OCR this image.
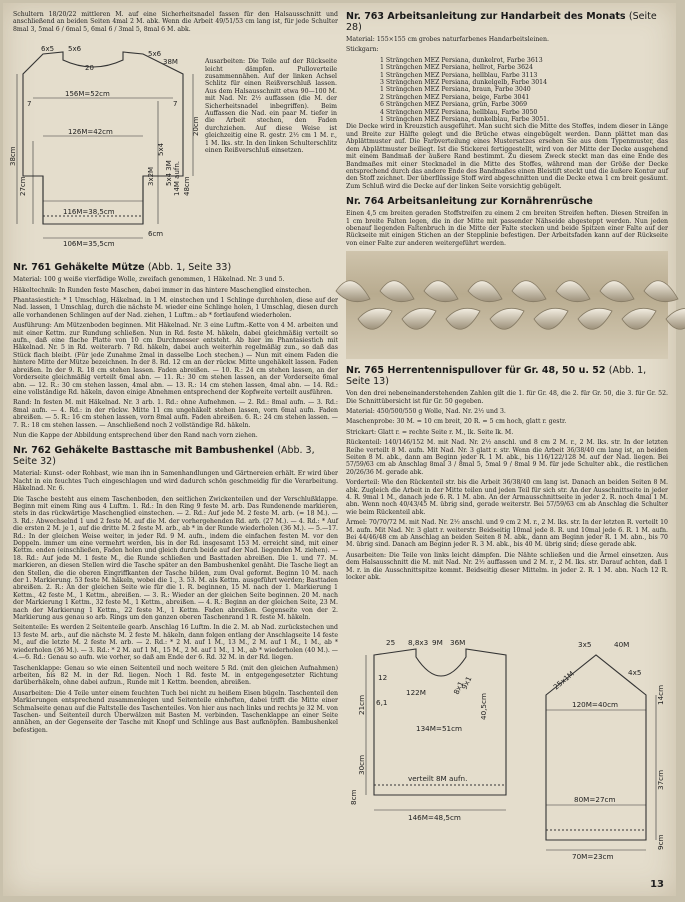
Schultern 18/20/22 mittleren M. auf eine Sicherheitsnadel fassen für den Halsausschnitt und anschließend an beiden Seiten 4mal 2 M. abk. Wenn die Arbeit 49/51/53 cm lang ist, für jede Schulter 8mal 3, 5mal 6 / 6mal 5, 6mal 6 / 3mal 5, 8mal 6 M. abk.

6x5 5x6
20
156M=52cm
126M=42cm
27cm
38cm
116M=38,5cm
106M=35,5cm
6cm
7	7
5x6
38M
5x4
3x2M 5x4 3M 14M aufn. 48cm
20cm

Ausarbeiten: Die Teile auf der Rückseite leicht dämpfen. Pulloverteile zusammennähen. Auf der linken Achsel Schlitz für einen Reißverschluß lassen. Aus dem Halsausschnitt etwa 90—100 M. mit Nad. Nr. 2½ auffassen (die M. der Sicherheitsnadel inbegriffen). Beim Auffassen die Nad. ein paar M. tiefer in die Arbeit stechen, den Faden durchziehen. Auf diese Weise ist gleichzeitig eine R. gestr. 2½ cm 1 M. r., 1 M. lks. str. In den linken Schulterschlitz einen Reißverschluß einsetzen.

Nr. 761 Gehäkelte Mütze (Abb. 1, Seite 33)

Material: 100 g weiße vierfädige Wolle, zweifach genommen, 1 Häkelnad. Nr. 3 und 5.

Häkeltechnik: In Runden feste Maschen, dabei immer in das hintere Maschenglied einstechen.

Phantasiestich: * 1 Umschlag, Häkelnad. in 1 M. einstechen und 1 Schlinge durchholen, diese auf der Nad. lassen, 1 Umschlag, durch die nächste M. wieder eine Schlinge holen, 1 Umschlag, diesen durch alle vorhandenen Schlingen auf der Nad. ziehen, 1 Luftm.: ab * fortlaufend wiederholen.

Ausführung: Am Mützenboden beginnen. Mit Häkelnad. Nr. 3 eine Luftm.-Kette von 4 M. arbeiten und mit einer Kettm. zur Rundung schließen. Nun in Rd. feste M. häkeln, dabei gleichmäßig verteilt so aufn., daß eine flache Platte von 10 cm Durchmesser entsteht. Ab hier im Phantasiestich mit Häkelnad. Nr. 5 in Rd. weiterarb. 7 Rd. häkeln, dabei auch weiterhin regelmäßig zun., so daß das Stück flach bleibt. (Für jede Zunahme 2mal in dasselbe Loch stechen.) — Nun mit einem Faden die hintere Mitte der Mütze bezeichnen. In der 8. Rd. 12 cm an der rückw. Mitte ungehäkelt lassen. Faden abreißen. In der 9. R. 18 cm stehen lassen. Faden abreißen. — 10. R.: 24 cm stehen lassen, an der Vorderseite gleichmäßig verteilt 6mal abn. — 11. R.: 30 cm stehen lassen, an der Vorderseite 6mal abn. — 12. R.: 30 cm stehen lassen, 4mal abn. — 13. R.: 14 cm stehen lassen, 4mal abn. — 14. Rd.: eine vollständige Rd. häkeln, davon einige Abnehmen entsprechend der Kopfweite verteilt ausführen.

Rand: In festen M. mit Häkelnad. Nr. 3 arb. 1. Rd.: ohne Aufnehmen. — 2. Rd.: 8mal aufn. — 3. Rd.: 8mal aufn. — 4. Rd.: in der rückw. Mitte 11 cm ungehäkelt stehen lassen, vorn 6mal aufn. Faden abreißen. — 5. R.: 16 cm stehen lassen, vorn 8mal aufn. Faden abreißen. 6. R.: 24 cm stehen lassen. — 7. R.: 18 cm stehen lassen. — Anschließend noch 2 vollständige Rd. häkeln.

Nun die Kappe der Abbildung entsprechend über den Rand nach vorn ziehen.

Nr. 762 Gehäkelte Basttasche mit Bambushenkel (Abb. 3, Seite 32)

Material: Kunst- oder Rohbast, wie man ihn in Samenhandlungen und Gärtnereien erhält. Er wird über Nacht in ein feuchtes Tuch eingeschlagen und wird dadurch schön geschmeidig für die Verarbeitung. Häkelnad. Nr. 6.

Die Tasche besteht aus einem Taschenboden, den seitlichen Zwickenteilen und der Verschlußklappe. Beginn mit einem Ring aus 4 Luftm. 1. Rd.: In den Ring 9 feste M. arb. Das Rundenende markieren, stets in das rückwärtige Maschenglied einstechen. — 2. Rd.: Auf jede M. 2 feste M. arb. (= 18 M.). — 3. Rd.: Abwechselnd 1 und 2 feste M. auf die M. der vorhergehenden Rd. arb. (27 M.). — 4. Rd.: * Auf die ersten 2 M. je 1, auf die dritte M. 2 feste M. arb., ab * in der Runde wiederholen (36 M.). — 5.—17. Rd.: In der gleichen Weise weiter, in jeder Rd. 9 M. aufn., indem die einfachen festen M. vor den Doppeln. immer um eine vermehrt werden, bis in der Rd. insgesamt 153 M. erreicht sind, mit einer Kettm. enden (einschließen, Faden holen und gleich durch beide auf der Nad. liegenden M. ziehen). — 18. Rd.: Auf jede M. 1 feste M., die Runde schließen und Basttaden abreißen. Die 1. und 77. M. markieren, an diesen Stellen wird die Tasche später an den Bambushenkel genäht. Die Tasche liegt an den Stellen, die die oberen Eingriffkanten der Tasche bilden, zum Oval geformt. Beginn 10 M. nach der 1. Markierung. 53 feste M. häkeln, wobei die 1., 3. 53. M. als Kettm. ausgeführt werden; Basttaden abreißen. 2. R.: An der gleichen Seite wie für die 1. R. beginnen, 15 M. nach der 1. Markierung 1 Kettm., 42 feste M., 1 Kettm., abreißen. — 3. R.: Wieder an der gleichen Seite beginnen. 20 M. nach der Markierung 1 Kettm., 32 feste M., 1 Kettm., abreißen. — 4. R.: Beginn an der gleichen Seite, 23 M. nach der Markierung 1 Kettm., 22 feste M., 1 Kettm. Faden abreißen. Gegenseite von der 2. Markierung aus genau so arb. Rings um den ganzen oberen Taschenrand 1 R. feste M. häkeln.

Seitenteile: Es werden 2 Seitenteile gearb. Anschlag 16 Luftm. In die 2. M. ab Nad. zurückstechen und 13 feste M. arb., auf die nächste M. 2 feste M. häkeln, dann folgen entlang der Anschlagseite 14 feste M., auf die letzte M. 2 feste M. arb. — 2. Rd.: * 2 M. auf 1 M., 13 M., 2 M. auf 1 M., 1 M., ab * wiederholen (36 M.). — 3. Rd.: * 2 M. auf 1 M., 15 M., 2 M. auf 1 M., 1 M., ab * wiederholen (40 M.). — 4.—6. Rd.: Genau so aufn. wie vorher, so daß am Ende der 6. Rd. 32 M. in der Rd. liegen.

Taschenklappe: Genau so wie einen Seitenteil und noch weitere 5 Rd. (mit den gleichen Aufnahmen) arbeiten, bis 82 M. in der Rd. liegen. Noch 1 Rd. feste M. in entgegengesetzter Richtung darüberhäkeln, ohne dabei aufzun., Runde mit 1 Kettm. beenden, abreißen.

Ausarbeiten: Die 4 Teile unter einem feuchten Tuch bei nicht zu heißem Eisen bügeln. Taschenteil den Markierungen entsprechend zusammenlegen und Seitenteile einheften, dabei trifft die Mitte einer Schmalseite genau auf die Faltstelle des Taschenteiles. Von hier aus nach links und rechts je 32 M. von Taschen- und Seitenteil durch Überwälzen mit Basten M. verbinden. Taschenklappe an einer Seite annähen, an der Gegenseite der Tasche mit Knopf und Schlinge aus Bast aufknöpfen. Bambushenkel befestigen.

Nr. 763 Arbeitsanleitung zur Handarbeit des Monats (Seite 28)

Material: 155×155 cm grobes naturfarbenes Handarbeitsleinen.

Stickgarn:

1 Strängchen MEZ Persiana, dunkelrot, Farbe 3613
1 Strängchen MEZ Persiana, hellrot, Farbe 3624
1 Strängchen MEZ Persiana, hellblau, Farbe 3113
3 Strängchen MEZ Persiana, dunkelgelb, Farbe 3014
1 Strängchen MEZ Persiana, braun, Farbe 3040
2 Strängchen MEZ Persiana, beige, Farbe 3041
6 Strängchen MEZ Persiana, grün, Farbe 3069
4 Strängchen MEZ Persiana, hellblau, Farbe 3050
1 Strängchen MEZ Persiana, dunkelblau, Farbe 3051.

Die Decke wird in Kreuzstich ausgeführt. Man sucht sich die Mitte des Stoffes, indem dieser in Länge und Breite zur Hälfte gelegt und die Brüche etwas eingebügelt werden. Dann plättet man das Abplättmuster auf. Die Farbverteilung eines Mustersatzes ersehen Sie aus dem Typenmuster, das dem Abplättmuster beiliegt. Ist die Stickerei fertiggestellt, wird von der Mitte der Decke ausgehend mit einem Bandmaß der äußere Rand bestimmt. Zu diesem Zweck steckt man das eine Ende des Bandmaßes mit einer Stecknadel in die Mitte des Stoffes, während man der Größe der Decke entsprechend durch das andere Ende des Bandmaßes einen Bleistift steckt und die äußere Kontur auf den Stoff zeichnet. Der überflüssige Stoff wird abgeschnitten und die Decke etwa 1 cm breit gesäumt. Zum Schluß wird die Decke auf der linken Seite vorsichtig gebügelt.

Nr. 764 Arbeitsanleitung zur Kornährenrüsche

Einen 4,5 cm breiten geraden Stoffstreifen zu einem 2 cm breiten Streifen heften. Diesen Streifen in 1 cm breite Falten legen, die in der Mitte mit passender Nähseide abgesteppt werden. Nun jeden obenauf liegenden Faltenbruch in die Mitte der Falte stecken und beide Spitzen einer Falte auf der Rückseite mit einigen Stichen an der Stepplinie befestigen. Der Arbeitsfaden kann auf der Rückseite von einer Falte zur anderen weitergeführt werden.

Nr. 765 Herrentennispullover für Gr. 48, 50 u. 52 (Abb. 1, Seite 13)

Von den drei nebeneinanderstehenden Zahlen gilt die 1. für Gr. 48, die 2. für Gr. 50, die 3. für Gr. 52. Die Schnittübersicht ist für Gr. 50 gegeben.

Material: 450/500/550 g Wolle, Nad. Nr. 2½ und 3.

Maschenprobe: 30 M. = 10 cm breit, 20 R. = 5 cm hoch, glatt r. gestr.

Strickart: Glatt r. = rechte Seite r. M., lk. Seite lk. M.

Rückenteil: 140/146/152 M. mit Nad. Nr. 2½ anschl. und 8 cm 2 M. r., 2 M. lks. str. In der letzten Reihe verteilt 8 M. aufn. Mit Nad. Nr. 3 glatt r. str. Wenn die Arbeit 36/38/40 cm lang ist, an beiden Seiten 8 M. abk., dann am Beginn jeder R. 1 M. abk., bis 116/122/128 M. auf der Nad. liegen. Bei 57/59/63 cm ab Anschlag 8mal 3 / 8mal 5, 5mal 9 / 8mal 9 M. für jede Schulter abk., die restlichen 20/26/36 M. gerade abk.

Vorderteil: Wie den Rückenteil str. bis die Arbeit 36/38/40 cm lang ist. Danach an beiden Seiten 8 M. abk. Zugleich die Arbeit in der Mitte teilen und jeden Teil für sich str. An der Ausschnittseite in jeder 4. R. 9mal 1 M., danach jede 6. R. 1 M. abn. An der Armausschnittseite in jeder 2. R. noch 4mal 1 M. abn. Wenn noch 40/43/45 M. übrig sind, gerade weiterstr. Bei 57/59/63 cm ab Anschlag die Schulter wie beim Rückenteil abk.

Ärmel: 70/70/72 M. mit Nad. Nr. 2½ anschl. und 9 cm 2 M. r., 2 M. lks. str. In der letzten R. verteilt 10 M. aufn. Mit Nad. Nr. 3 glatt r. weiterstr. Beidseitig 10mal jede 8. R. und 10mal jede 6. R. 1 M. aufn. Bei 44/46/48 cm ab Anschlag an beiden Seiten 8 M. abk., dann am Beginn jeder R. 1 M. abn., bis 70 M. übrig sind. Danach am Beginn jeder R. 3 M. abk., bis 40 M. übrig sind; diese gerade abk.

Ausarbeiten: Die Teile von links leicht dämpfen. Die Nähte schließen und die Ärmel einsetzen. Aus dem Halsausschnitt die M. mit Nad. Nr. 2½ auffassen und 2 M. r., 2 M. lks. str. Darauf achten, daß 1 M. r. in die Ausschnittspitze kommt. Beidseitig dieser Mittelm. in jeder 2. R. 1 M. abn. Nach 12 R. locker abk.

25 8,8x3 9M 36M	3x5	40M
12
122M
40,5cm
134M=51cm
6,1
8x1
9x1
21cm
30cm
8cm
verteilt 8M aufn.
146M=48,5cm
25x1M	4x5
120M=40cm	14cm
37cm
80M=27cm
70M=23cm
9cm
13
